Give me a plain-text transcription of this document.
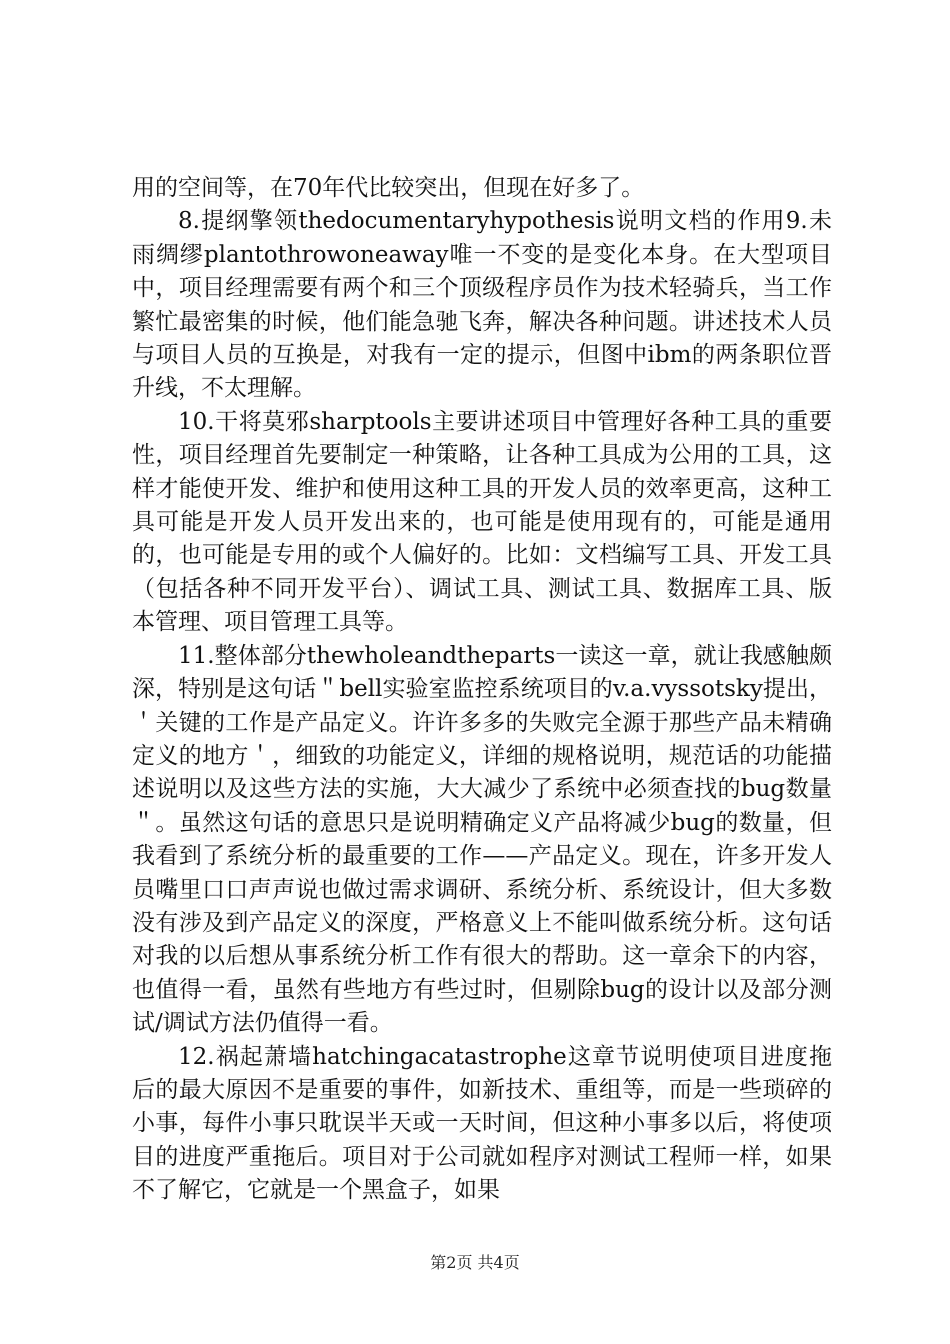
用的空间等，在70年代比较突出，但现在好多了。

8.提纲擎领thedocumentaryhypothesis说明文档的作用9.未雨绸缪plantothrowoneaway唯一不变的是变化本身。在大型项目中，项目经理需要有两个和三个顶级程序员作为技术轻骑兵，当工作繁忙最密集的时候，他们能急驰飞奔，解决各种问题。讲述技术人员与项目人员的互换是，对我有一定的提示，但图中ibm的两条职位晋升线，不太理解。

10.干将莫邪sharptools主要讲述项目中管理好各种工具的重要性，项目经理首先要制定一种策略，让各种工具成为公用的工具，这样才能使开发、维护和使用这种工具的开发人员的效率更高，这种工具可能是开发人员开发出来的，也可能是使用现有的，可能是通用的，也可能是专用的或个人偏好的。比如：文档编写工具、开发工具（包括各种不同开发平台）、调试工具、测试工具、数据库工具、版本管理、项目管理工具等。

11.整体部分thewholeandtheparts一读这一章，就让我感触颇深，特别是这句话＂bell实验室监控系统项目的v.a.vyssotsky提出，＇关键的工作是产品定义。许许多多的失败完全源于那些产品未精确定义的地方＇，细致的功能定义，详细的规格说明，规范话的功能描述说明以及这些方法的实施，大大减少了系统中必须查找的bug数量＂。虽然这句话的意思只是说明精确定义产品将减少bug的数量，但我看到了系统分析的最重要的工作——产品定义。现在，许多开发人员嘴里口口声声说也做过需求调研、系统分析、系统设计，但大多数没有涉及到产品定义的深度，严格意义上不能叫做系统分析。这句话对我的以后想从事系统分析工作有很大的帮助。这一章余下的内容，也值得一看，虽然有些地方有些过时，但剔除bug的设计以及部分测试/调试方法仍值得一看。

12.祸起萧墙hatchingacatastrophe这章节说明使项目进度拖后的最大原因不是重要的事件，如新技术、重组等，而是一些琐碎的小事，每件小事只耽误半天或一天时间，但这种小事多以后，将使项目的进度严重拖后。项目对于公司就如程序对测试工程师一样，如果不了解它，它就是一个黑盒子，如果

第2页 共4页
